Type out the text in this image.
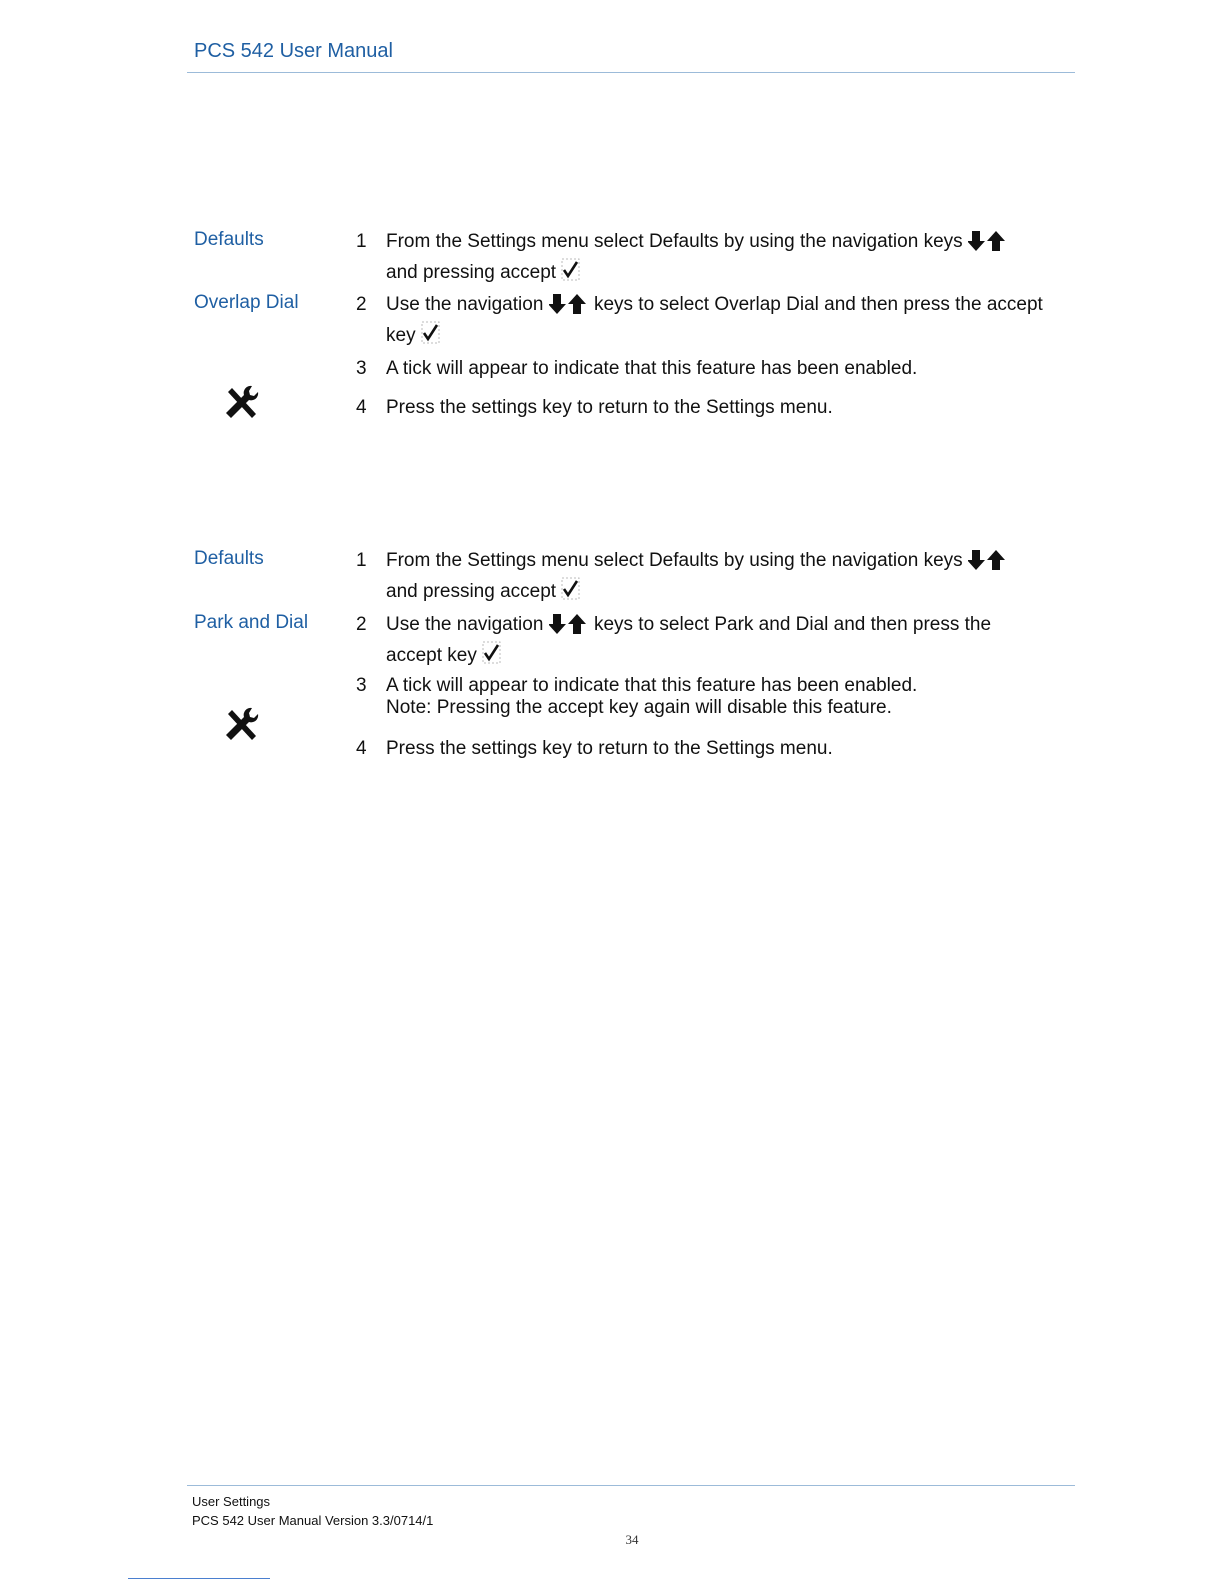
PCS 542 User Manual
Defaults
Overlap Dial
1	From the Settings menu select Defaults by using the navigation keys
and pressing accept
2	Use the navigation	keys to select Overlap Dial and then press the accept
key
3	A tick will appear to indicate that this feature has been enabled.
4	Press the settings key to return to the Settings menu.
Defaults
Park and Dial
1	From the Settings menu select Defaults by using the navigation keys
and pressing accept
2	Use the navigation	keys to select Park and Dial and then press the
accept key
3	A tick will appear to indicate that this feature has been enabled.
Note: Pressing the accept key again will disable this feature.
4	Press the settings key to return to the Settings menu.
User Settings
PCS 542 User Manual Version 3.3/0714/1
34
